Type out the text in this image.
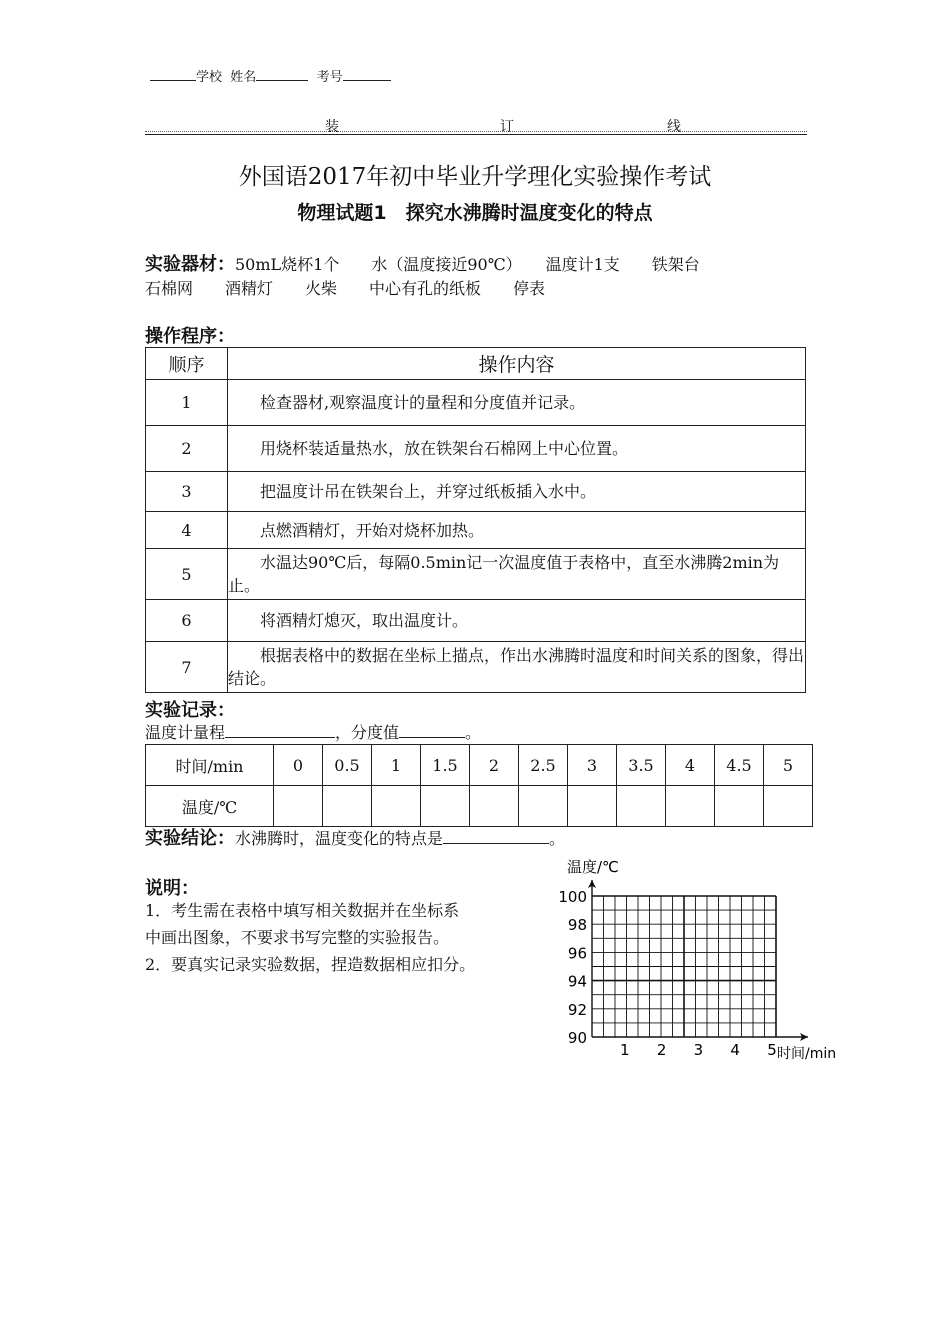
学校 姓名	考号
装	订	线
外国语2017年初中毕业升学理化实验操作考试
物理试题1　探究水沸腾时温度变化的特点
实验器材：50mL烧杯1个　　水（温度接近90℃）　　温度计1支　　铁架台
石棉网　　酒精灯　　火柴　　中心有孔的纸板　　停表
操作程序：
顺序	操作内容
1	　　检查器材,观察温度计的量程和分度值并记录。
2	　　用烧杯装适量热水，放在铁架台石棉网上中心位置。
3	　　把温度计吊在铁架台上，并穿过纸板插入水中。
4	　　点燃酒精灯，开始对烧杯加热。
5	　　水温达90℃后，每隔0.5min记一次温度值于表格中，直至水沸腾2min为止。
6	　　将酒精灯熄灭，取出温度计。
7	　　根据表格中的数据在坐标上描点，作出水沸腾时温度和时间关系的图象，得出结论。
实验记录：
温度计量程	，分度值	。
时间/min	0	0.5	1	1.5	2	2.5	3	3.5	4	4.5	5
温度/℃											
实验结论：水沸腾时，温度变化的特点是	。
说明：
1．考生需在表格中填写相关数据并在坐标系
中画出图象，不要求书写完整的实验报告。
2．要真实记录实验数据，捏造数据相应扣分。
温度/℃
时间/min
90
92
94
96
98
100
1 2 3 4 5
